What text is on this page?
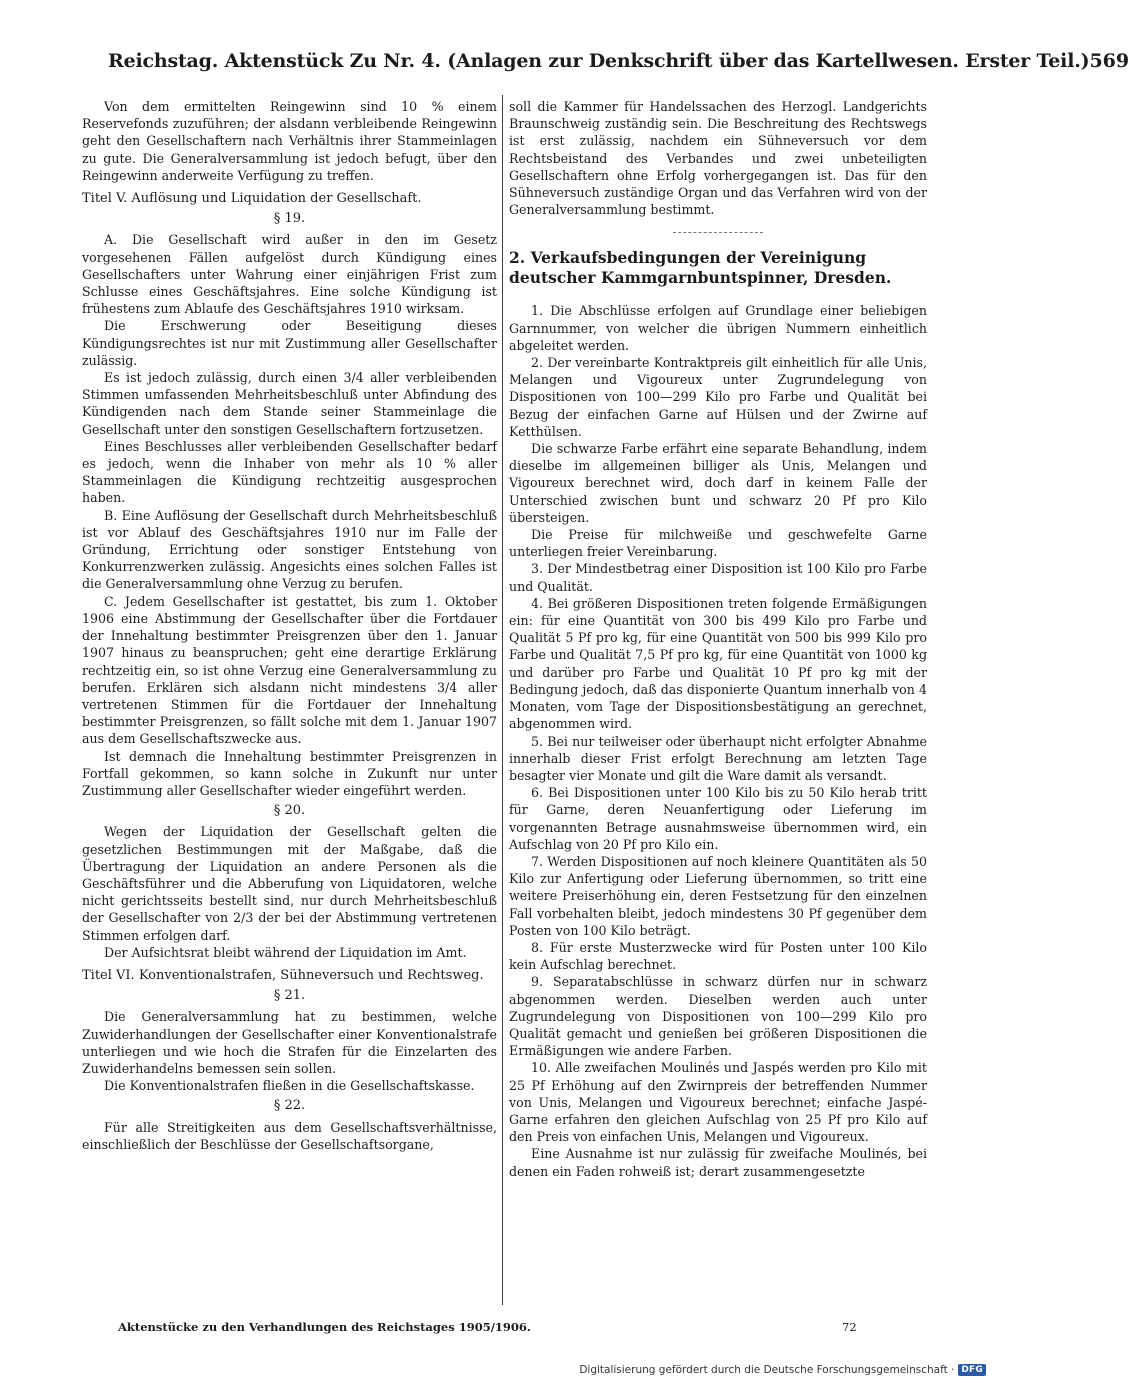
Reichstag. Aktenstück Zu Nr. 4. (Anlagen zur Denkschrift über das Kartellwesen. Erster Teil.) 569

Von dem ermittelten Reingewinn sind 10 % einem Reservefonds zuzuführen; der alsdann verbleibende Reingewinn geht den Gesellschaftern nach Verhältnis ihrer Stammeinlagen zu gute. Die Generalversammlung ist jedoch befugt, über den Reingewinn anderweite Verfügung zu treffen.

Titel V. Auflösung und Liquidation der Gesellschaft.

§ 19.

A. Die Gesellschaft wird außer in den im Gesetz vorgesehenen Fällen aufgelöst durch Kündigung eines Gesellschafters unter Wahrung einer einjährigen Frist zum Schlusse eines Geschäftsjahres. Eine solche Kündigung ist frühestens zum Ablaufe des Geschäftsjahres 1910 wirksam.

Die Erschwerung oder Beseitigung dieses Kündigungsrechtes ist nur mit Zustimmung aller Gesellschafter zulässig.

Es ist jedoch zulässig, durch einen 3/4 aller verbleibenden Stimmen umfassenden Mehrheitsbeschluß unter Abfindung des Kündigenden nach dem Stande seiner Stammeinlage die Gesellschaft unter den sonstigen Gesellschaftern fortzusetzen.

Eines Beschlusses aller verbleibenden Gesellschafter bedarf es jedoch, wenn die Inhaber von mehr als 10 % aller Stammeinlagen die Kündigung rechtzeitig ausgesprochen haben.

B. Eine Auflösung der Gesellschaft durch Mehrheitsbeschluß ist vor Ablauf des Geschäftsjahres 1910 nur im Falle der Gründung, Errichtung oder sonstiger Entstehung von Konkurrenzwerken zulässig. Angesichts eines solchen Falles ist die Generalversammlung ohne Verzug zu berufen.

C. Jedem Gesellschafter ist gestattet, bis zum 1. Oktober 1906 eine Abstimmung der Gesellschafter über die Fortdauer der Innehaltung bestimmter Preisgrenzen über den 1. Januar 1907 hinaus zu beanspruchen; geht eine derartige Erklärung rechtzeitig ein, so ist ohne Verzug eine Generalversammlung zu berufen. Erklären sich alsdann nicht mindestens 3/4 aller vertretenen Stimmen für die Fortdauer der Innehaltung bestimmter Preisgrenzen, so fällt solche mit dem 1. Januar 1907 aus dem Gesellschaftszwecke aus.

Ist demnach die Innehaltung bestimmter Preisgrenzen in Fortfall gekommen, so kann solche in Zukunft nur unter Zustimmung aller Gesellschafter wieder eingeführt werden.

§ 20.

Wegen der Liquidation der Gesellschaft gelten die gesetzlichen Bestimmungen mit der Maßgabe, daß die Übertragung der Liquidation an andere Personen als die Geschäftsführer und die Abberufung von Liquidatoren, welche nicht gerichtsseits bestellt sind, nur durch Mehrheitsbeschluß der Gesellschafter von 2/3 der bei der Abstimmung vertretenen Stimmen erfolgen darf.

Der Aufsichtsrat bleibt während der Liquidation im Amt.

Titel VI. Konventionalstrafen, Sühneversuch und Rechtsweg.

§ 21.

Die Generalversammlung hat zu bestimmen, welche Zuwiderhandlungen der Gesellschafter einer Konventionalstrafe unterliegen und wie hoch die Strafen für die Einzelarten des Zuwiderhandelns bemessen sein sollen.

Die Konventionalstrafen fließen in die Gesellschaftskasse.

§ 22.

Für alle Streitigkeiten aus dem Gesellschaftsverhältnisse, einschließlich der Beschlüsse der Gesellschaftsorgane,

soll die Kammer für Handelssachen des Herzogl. Landgerichts Braunschweig zuständig sein. Die Beschreitung des Rechtswegs ist erst zulässig, nachdem ein Sühneversuch vor dem Rechtsbeistand des Verbandes und zwei unbeteiligten Gesellschaftern ohne Erfolg vorhergegangen ist. Das für den Sühneversuch zuständige Organ und das Verfahren wird von der Generalversammlung bestimmt.

2. Verkaufsbedingungen der Vereinigung deutscher Kammgarnbuntspinner, Dresden.

1. Die Abschlüsse erfolgen auf Grundlage einer beliebigen Garnnummer, von welcher die übrigen Nummern einheitlich abgeleitet werden.

2. Der vereinbarte Kontraktpreis gilt einheitlich für alle Unis, Melangen und Vigoureux unter Zugrundelegung von Dispositionen von 100—299 Kilo pro Farbe und Qualität bei Bezug der einfachen Garne auf Hülsen und der Zwirne auf Ketthülsen.

Die schwarze Farbe erfährt eine separate Behandlung, indem dieselbe im allgemeinen billiger als Unis, Melangen und Vigoureux berechnet wird, doch darf in keinem Falle der Unterschied zwischen bunt und schwarz 20 Pf pro Kilo übersteigen.

Die Preise für milchweiße und geschwefelte Garne unterliegen freier Vereinbarung.

3. Der Mindestbetrag einer Disposition ist 100 Kilo pro Farbe und Qualität.

4. Bei größeren Dispositionen treten folgende Ermäßigungen ein: für eine Quantität von 300 bis 499 Kilo pro Farbe und Qualität 5 Pf pro kg, für eine Quantität von 500 bis 999 Kilo pro Farbe und Qualität 7,5 Pf pro kg, für eine Quantität von 1000 kg und darüber pro Farbe und Qualität 10 Pf pro kg mit der Bedingung jedoch, daß das disponierte Quantum innerhalb von 4 Monaten, vom Tage der Dispositionsbestätigung an gerechnet, abgenommen wird.

5. Bei nur teilweiser oder überhaupt nicht erfolgter Abnahme innerhalb dieser Frist erfolgt Berechnung am letzten Tage besagter vier Monate und gilt die Ware damit als versandt.

6. Bei Dispositionen unter 100 Kilo bis zu 50 Kilo herab tritt für Garne, deren Neuanfertigung oder Lieferung im vorgenannten Betrage ausnahmsweise übernommen wird, ein Aufschlag von 20 Pf pro Kilo ein.

7. Werden Dispositionen auf noch kleinere Quantitäten als 50 Kilo zur Anfertigung oder Lieferung übernommen, so tritt eine weitere Preiserhöhung ein, deren Festsetzung für den einzelnen Fall vorbehalten bleibt, jedoch mindestens 30 Pf gegenüber dem Posten von 100 Kilo beträgt.

8. Für erste Musterzwecke wird für Posten unter 100 Kilo kein Aufschlag berechnet.

9. Separatabschlüsse in schwarz dürfen nur in schwarz abgenommen werden. Dieselben werden auch unter Zugrundelegung von Dispositionen von 100—299 Kilo pro Qualität gemacht und genießen bei größeren Dispositionen die Ermäßigungen wie andere Farben.

10. Alle zweifachen Moulinés und Jaspés werden pro Kilo mit 25 Pf Erhöhung auf den Zwirnpreis der betreffenden Nummer von Unis, Melangen und Vigoureux berechnet; einfache Jaspé-Garne erfahren den gleichen Aufschlag von 25 Pf pro Kilo auf den Preis von einfachen Unis, Melangen und Vigoureux.

Eine Ausnahme ist nur zulässig für zweifache Moulinés, bei denen ein Faden rohweiß ist; derart zusammengesetzte

Aktenstücke zu den Verhandlungen des Reichstages 1905/1906.	72
Digitalisierung gefördert durch die Deutsche Forschungsgemeinschaft · DFG
